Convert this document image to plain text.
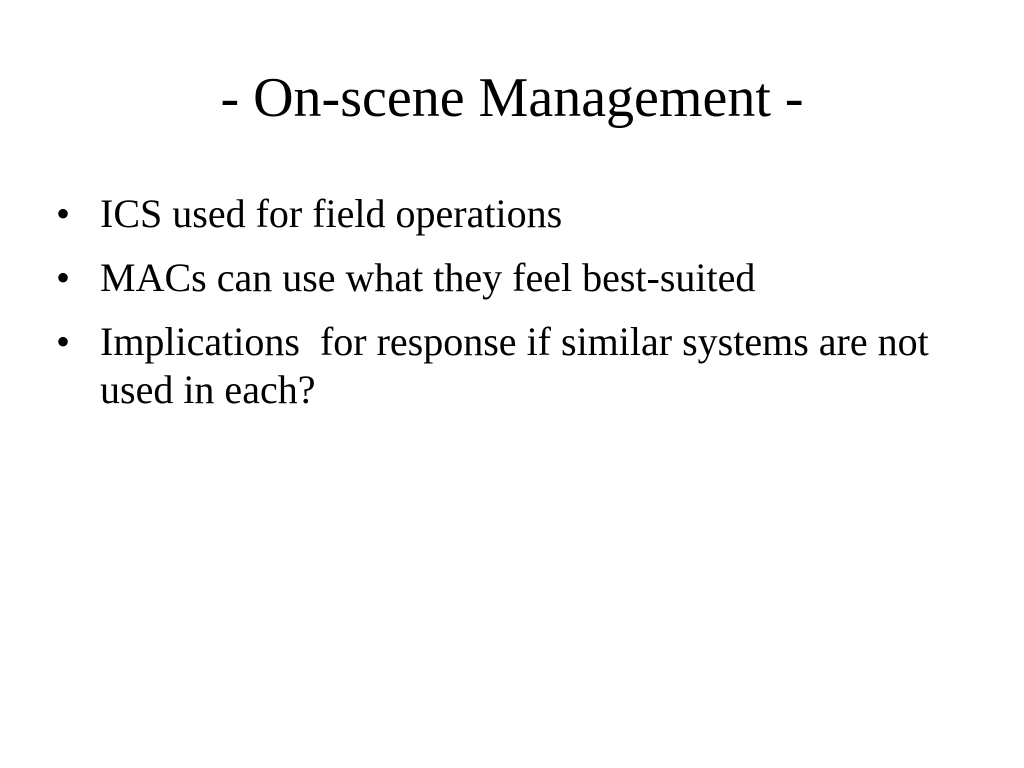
- On-scene Management -
• ICS used for field operations
• MACs can use what they feel best-suited
• Implications  for response if similar systems are not used in each?
